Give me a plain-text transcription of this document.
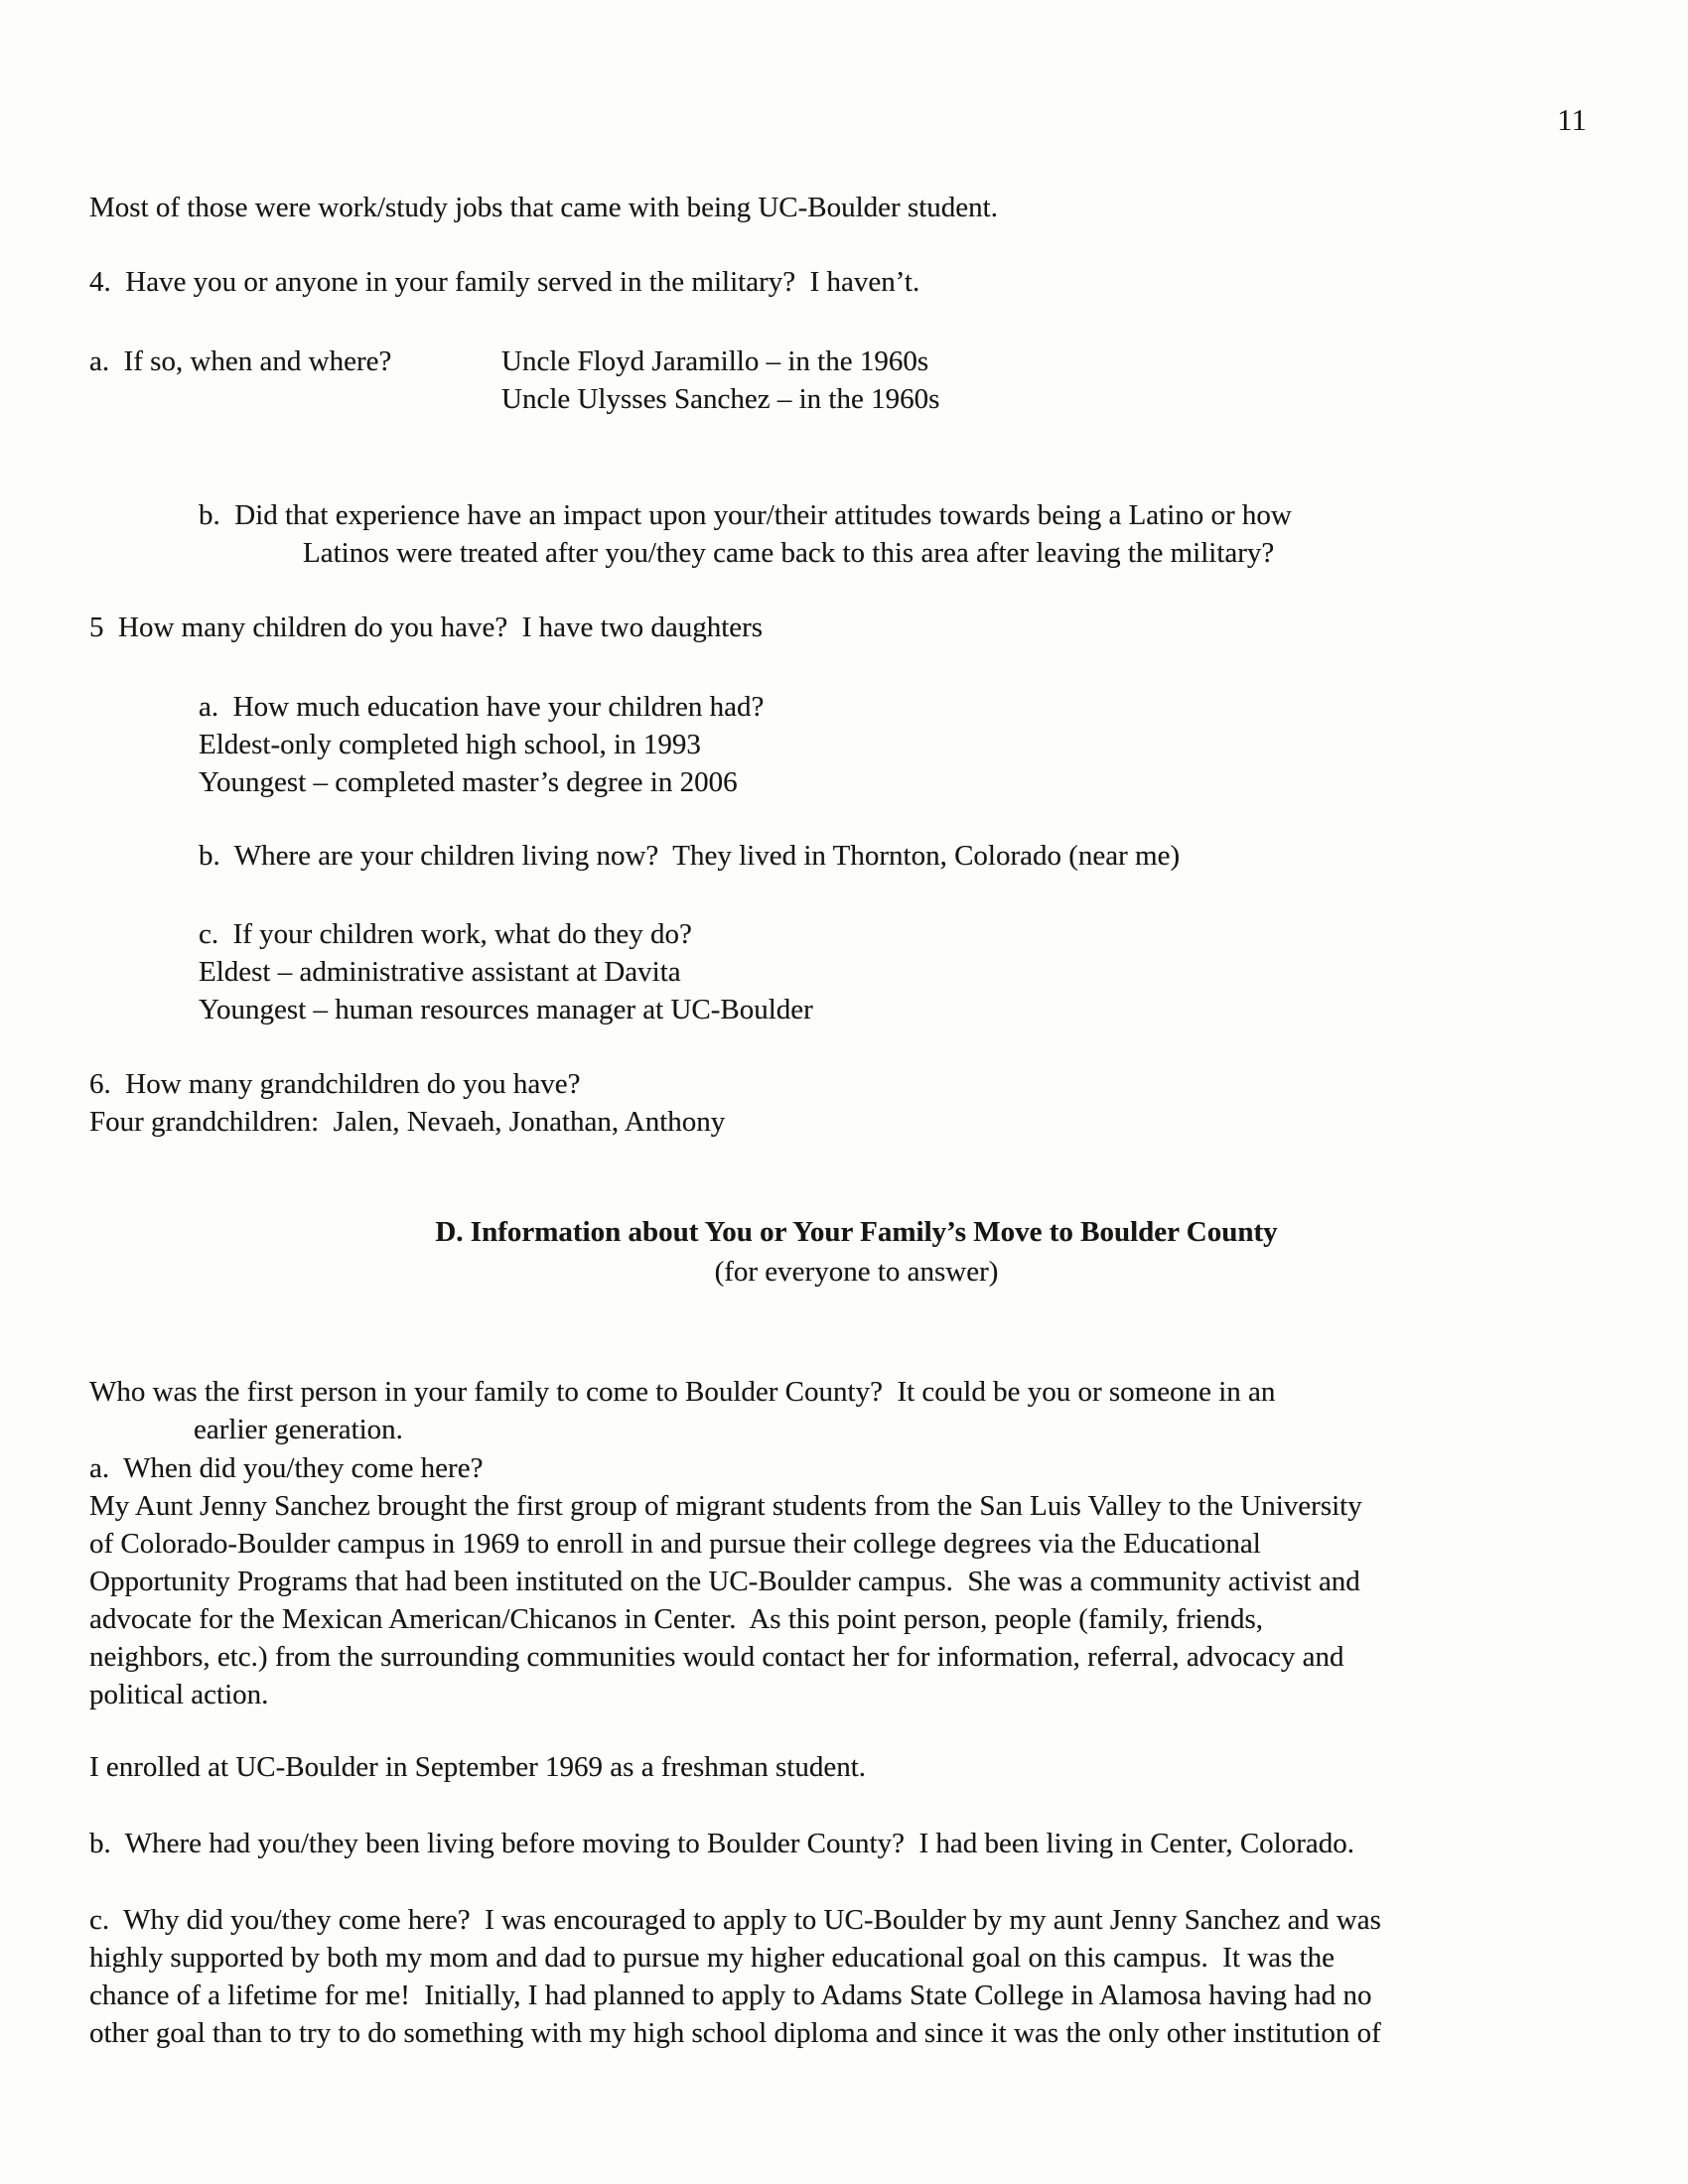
11
Most of those were work/study jobs that came with being UC-Boulder student.
4.  Have you or anyone in your family served in the military?  I haven’t.
a.  If so, when and where?	Uncle Floyd Jaramillo – in the 1960s
Uncle Ulysses Sanchez – in the 1960s
b.  Did that experience have an impact upon your/their attitudes towards being a Latino or how
Latinos were treated after you/they came back to this area after leaving the military?
5  How many children do you have?  I have two daughters
a.  How much education have your children had?
Eldest-only completed high school, in 1993
Youngest – completed master’s degree in 2006
b.  Where are your children living now?  They lived in Thornton, Colorado (near me)
c.  If your children work, what do they do?
Eldest – administrative assistant at Davita
Youngest – human resources manager at UC-Boulder
6.  How many grandchildren do you have?
Four grandchildren:  Jalen, Nevaeh, Jonathan, Anthony
D. Information about You or Your Family’s Move to Boulder County
(for everyone to answer)
Who was the first person in your family to come to Boulder County?  It could be you or someone in an
earlier generation.
a.  When did you/they come here?
My Aunt Jenny Sanchez brought the first group of migrant students from the San Luis Valley to the University
of Colorado-Boulder campus in 1969 to enroll in and pursue their college degrees via the Educational
Opportunity Programs that had been instituted on the UC-Boulder campus.  She was a community activist and
advocate for the Mexican American/Chicanos in Center.  As this point person, people (family, friends,
neighbors, etc.) from the surrounding communities would contact her for information, referral, advocacy and
political action.
I enrolled at UC-Boulder in September 1969 as a freshman student.
b.  Where had you/they been living before moving to Boulder County?  I had been living in Center, Colorado.
c.  Why did you/they come here?  I was encouraged to apply to UC-Boulder by my aunt Jenny Sanchez and was
highly supported by both my mom and dad to pursue my higher educational goal on this campus.  It was the
chance of a lifetime for me!  Initially, I had planned to apply to Adams State College in Alamosa having had no
other goal than to try to do something with my high school diploma and since it was the only other institution of
